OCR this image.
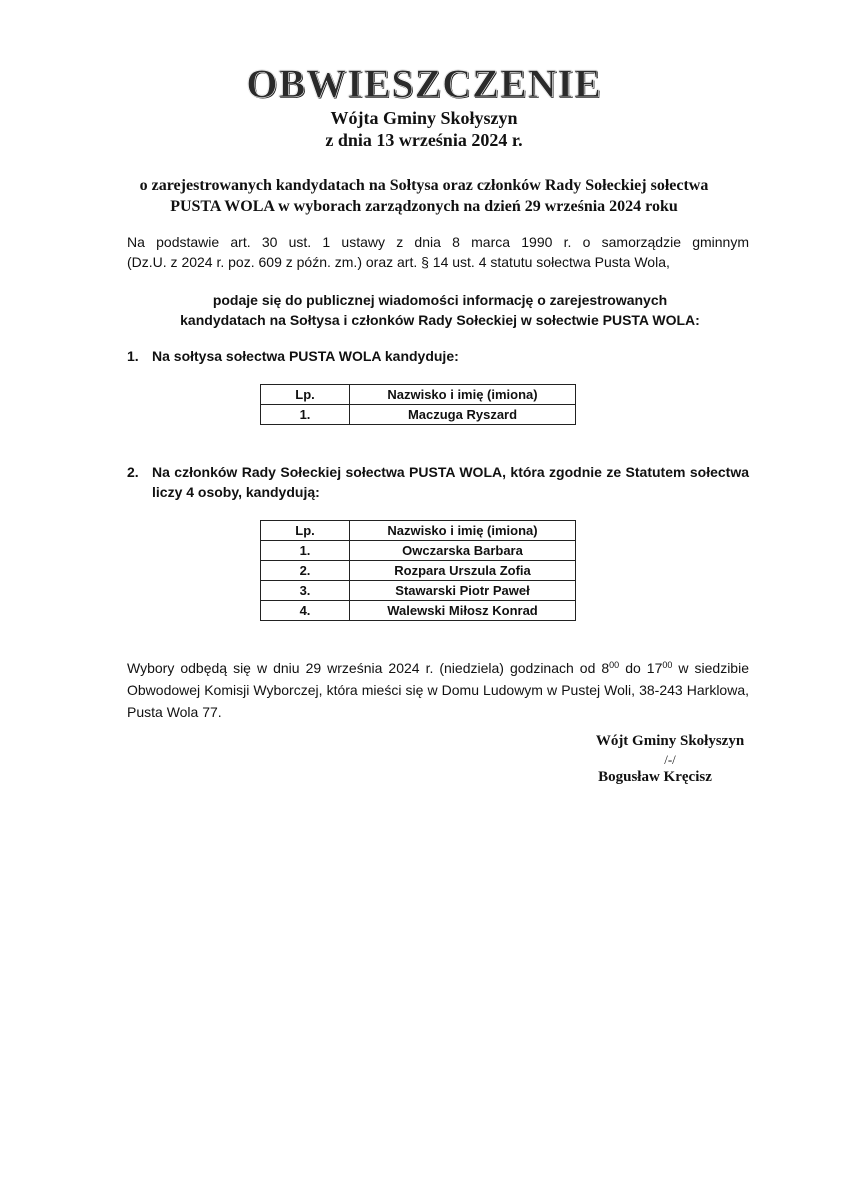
OBWIESZCZENIE
Wójta Gminy Skołyszyn
z dnia 13 września 2024 r.
o zarejestrowanych kandydatach na Sołtysa oraz członków Rady Sołeckiej sołectwa
PUSTA WOLA w wyborach zarządzonych na dzień 29 września 2024 roku
Na podstawie art. 30 ust. 1 ustawy z dnia 8 marca 1990 r. o samorządzie gminnym
(Dz.U. z 2024 r. poz. 609 z późn. zm.) oraz art. § 14 ust. 4 statutu sołectwa Pusta Wola,
podaje się do publicznej wiadomości informację o zarejestrowanych
kandydatach na Sołtysa i członków Rady Sołeckiej w sołectwie PUSTA WOLA:
1. Na sołtysa sołectwa PUSTA WOLA kandyduje:
Lp.	Nazwisko i imię (imiona)
1.	Maczuga Ryszard
2. Na członków Rady Sołeckiej sołectwa PUSTA WOLA, która zgodnie ze Statutem sołectwa
liczy 4 osoby, kandydują:
Lp.	Nazwisko i imię (imiona)
1.	Owczarska Barbara
2.	Rozpara Urszula Zofia
3.	Stawarski Piotr Paweł
4.	Walewski Miłosz Konrad
Wybory odbędą się w dniu 29 września 2024 r. (niedziela) godzinach od $8^{00}$ do $17^{00}$ w siedzibie Obwodowej Komisji Wyborczej, która mieści się w Domu Ludowym w Pustej Woli, 38-243 Harklowa, Pusta Wola 77.
Wójt Gminy Skołyszyn
/-/
Bogusław Kręcisz
